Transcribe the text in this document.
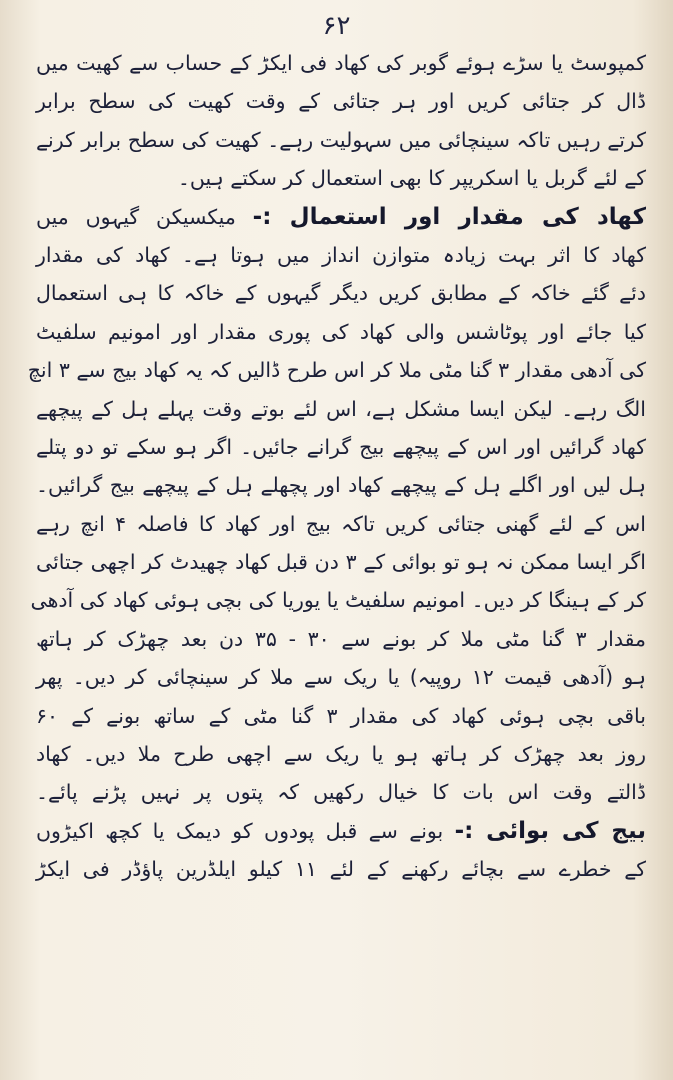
۶۲
کمپوسٹ یا سڑے ہوئے گوبر کی کھاد فی ایکڑ کے حساب سے کھیت میں
ڈال کر جتائی کریں اور ہر جتائی کے وقت کھیت کی سطح برابر
کرتے رہیں تاکہ سینچائی میں سہولیت رہے۔ کھیت کی سطح برابر کرنے
کے لئے گربل یا اسکریپر کا بھی استعمال کر سکتے ہیں۔
کھاد کی مقدار اور استعمال :- میکسیکن گیہوں میں
کھاد کا اثر بہت زیادہ متوازن انداز میں ہوتا ہے۔ کھاد کی مقدار
دئے گئے خاکہ کے مطابق کریں دیگر گیہوں کے خاکہ کا ہی استعمال
کیا جائے اور پوٹاشس والی کھاد کی پوری مقدار اور امونیم سلفیٹ
کی آدھی مقدار ۳ گنا مٹی ملا کر اس طرح ڈالیں کہ یہ کھاد بیج سے ۳ انچ
الگ رہے۔ لیکن ایسا مشکل ہے، اس لئے بوتے وقت پہلے ہل کے پیچھے
کھاد گرائیں اور اس کے پیچھے بیج گرانے جائیں۔ اگر ہو سکے تو دو پتلے
ہل لیں اور اگلے ہل کے پیچھے کھاد اور پچھلے ہل کے پیچھے بیج گرائیں۔
اس کے لئے گھنی جتائی کریں تاکہ بیج اور کھاد کا فاصلہ ۴ انچ رہے
اگر ایسا ممکن نہ ہو تو بوائی کے ۳ دن قبل کھاد چھیدٹ کر اچھی جتائی
کر کے ہینگا کر دیں۔ امونیم سلفیٹ یا یوریا کی بچی ہوئی کھاد کی آدھی
مقدار ۳ گنا مٹی ملا کر بونے سے ۳۰ - ۳۵ دن بعد چھڑک کر ہاتھ
ہو (آدھی قیمت ۱۲ روپیہ) یا ریک سے ملا کر سینچائی کر دیں۔ پھر
باقی بچی ہوئی کھاد کی مقدار ۳ گنا مٹی کے ساتھ بونے کے ۶۰
روز بعد چھڑک کر ہاتھ ہو یا ریک سے اچھی طرح ملا دیں۔ کھاد
ڈالتے وقت اس بات کا خیال رکھیں کہ پتوں پر نہیں پڑنے پائے۔
بیج کی بوائی :- بونے سے قبل پودوں کو دیمک یا کچھ اکیڑوں
کے خطرے سے بچائے رکھنے کے لئے ۱۱ کیلو ایلڈرین پاؤڈر فی ایکڑ
